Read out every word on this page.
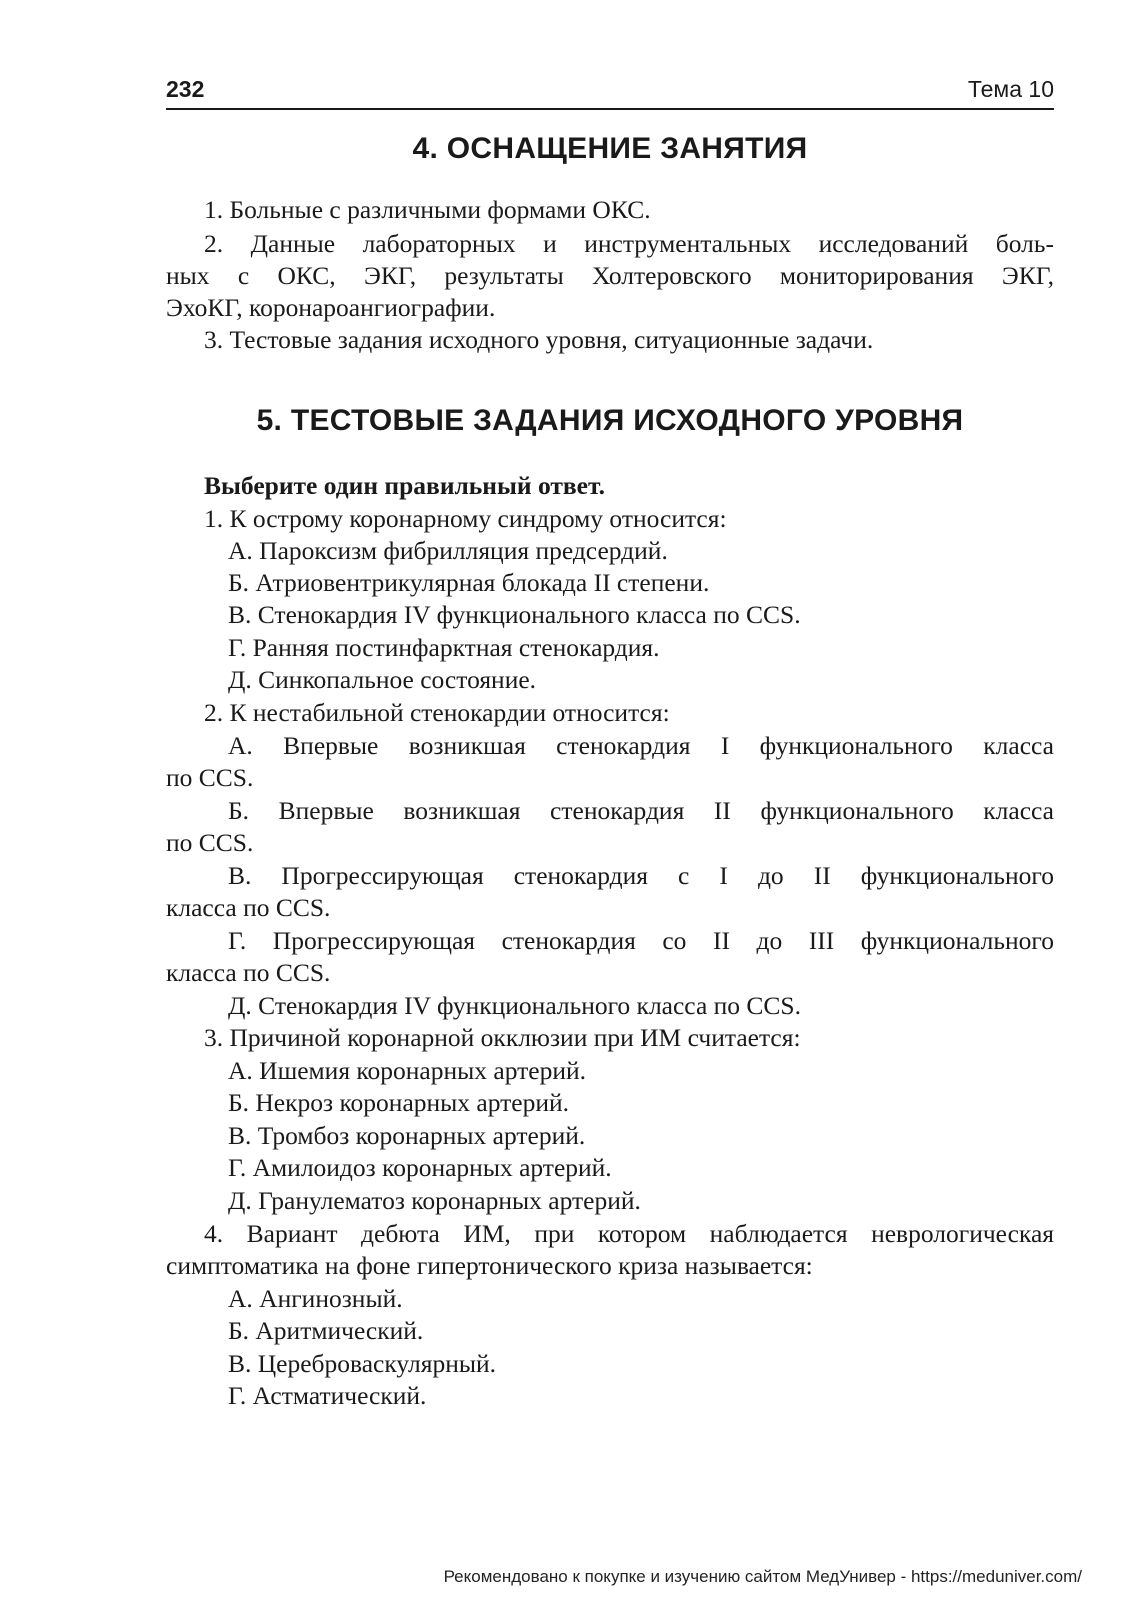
232	Тема 10
4. ОСНАЩЕНИЕ ЗАНЯТИЯ
1. Больные с различными формами ОКС.
2. Данные лабораторных и инструментальных исследований боль-
ных с ОКС, ЭКГ, результаты Холтеровского мониторирования ЭКГ,
ЭхоКГ, коронароангиографии.
3. Тестовые задания исходного уровня, ситуационные задачи.
5. ТЕСТОВЫЕ ЗАДАНИЯ ИСХОДНОГО УРОВНЯ
Выберите один правильный ответ.
1. К острому коронарному синдрому относится:
А. Пароксизм фибрилляция предсердий.
Б. Атриовентрикулярная блокада II степени.
В. Стенокардия IV функционального класса по CCS.
Г. Ранняя постинфарктная стенокардия.
Д. Синкопальное состояние.
2. К нестабильной стенокардии относится:
А. Впервые возникшая стенокардия I функционального класса
по CCS.
Б. Впервые возникшая стенокардия II функционального класса
по CCS.
В. Прогрессирующая стенокардия с I до II функционального
класса по CCS.
Г. Прогрессирующая стенокардия со II до III функционального
класса по CCS.
Д. Стенокардия IV функционального класса по CCS.
3. Причиной коронарной окклюзии при ИМ считается:
А. Ишемия коронарных артерий.
Б. Некроз коронарных артерий.
В. Тромбоз коронарных артерий.
Г. Амилоидоз коронарных артерий.
Д. Гранулематоз коронарных артерий.
4. Вариант дебюта ИМ, при котором наблюдается неврологическая
симптоматика на фоне гипертонического криза называется:
А. Ангинозный.
Б. Аритмический.
В. Цереброваскулярный.
Г. Астматический.
Рекомендовано к покупке и изучению сайтом МедУнивер - https://meduniver.com/
